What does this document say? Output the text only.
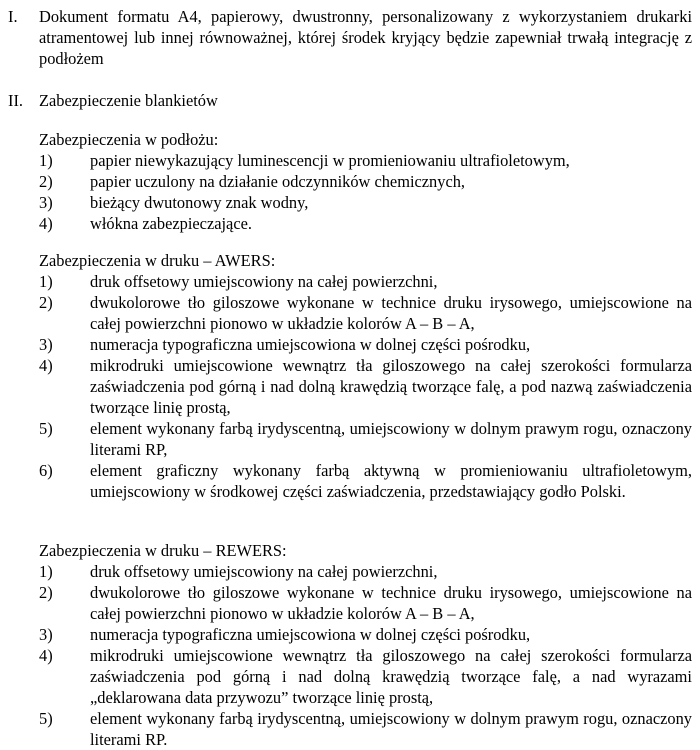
I. Dokument formatu A4, papierowy, dwustronny, personalizowany z wykorzystaniem drukarki atramentowej lub innej równoważnej, której środek kryjący będzie zapewniał trwałą integrację z podłożem
II. Zabezpieczenie blankietów
Zabezpieczenia w podłożu:
1) papier niewykazujący luminescencji w promieniowaniu ultrafioletowym,
2) papier uczulony na działanie odczynników chemicznych,
3) bieżący dwutonowy znak wodny,
4) włókna zabezpieczające.
Zabezpieczenia w druku – AWERS:
1) druk offsetowy umiejscowiony na całej powierzchni,
2) dwukolorowe tło giloszowe wykonane w technice druku irysowego, umiejscowione na całej powierzchni pionowo w układzie kolorów A – B – A,
3) numeracja typograficzna umiejscowiona w dolnej części pośrodku,
4) mikrodruki umiejscowione wewnątrz tła giloszowego na całej szerokości formularza zaświadczenia pod górną i nad dolną krawędzią tworzące falę, a pod nazwą zaświadczenia tworzące linię prostą,
5) element wykonany farbą irydyscentną, umiejscowiony w dolnym prawym rogu, oznaczony literami RP,
6) element graficzny wykonany farbą aktywną w promieniowaniu ultrafioletowym, umiejscowiony w środkowej części zaświadczenia, przedstawiający godło Polski.
Zabezpieczenia w druku – REWERS:
1) druk offsetowy umiejscowiony na całej powierzchni,
2) dwukolorowe tło giloszowe wykonane w technice druku irysowego, umiejscowione na całej powierzchni pionowo w układzie kolorów A – B – A,
3) numeracja typograficzna umiejscowiona w dolnej części pośrodku,
4) mikrodruki umiejscowione wewnątrz tła giloszowego na całej szerokości formularza zaświadczenia pod górną i nad dolną krawędzią tworzące falę, a nad wyrazami „deklarowana data przywozu” tworzące linię prostą,
5) element wykonany farbą irydyscentną, umiejscowiony w dolnym prawym rogu, oznaczony literami RP.
